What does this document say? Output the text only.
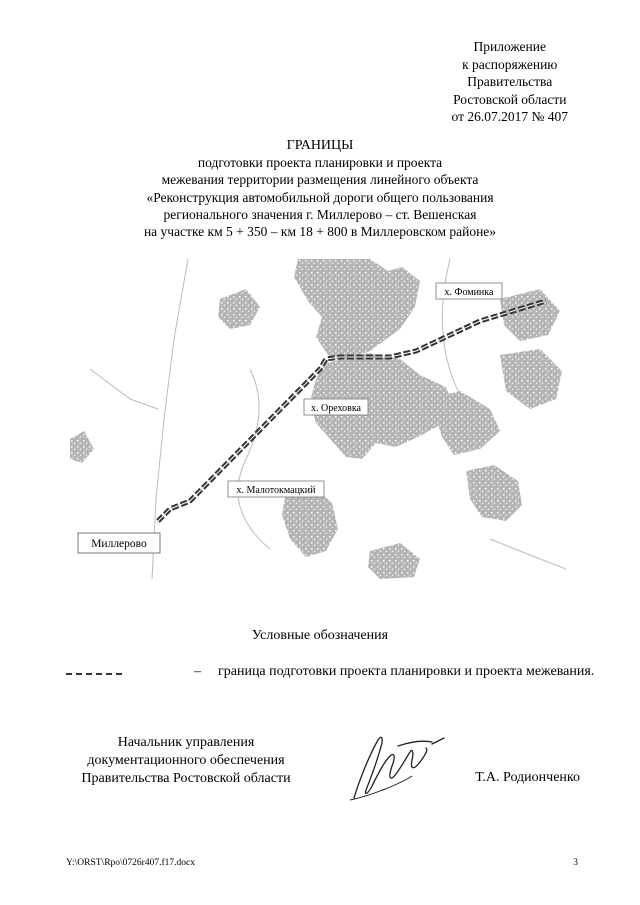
Приложение
к распоряжению
Правительства
Ростовской области
от 26.07.2017 № 407
ГРАНИЦЫ
подготовки проекта планировки и проекта
межевания территории размещения линейного объекта
«Реконструкция автомобильной дороги общего пользования
регионального значения г. Миллерово – ст. Вешенская
на участке км 5 + 350 – км 18 + 800 в Миллеровском районе»
х. Фоминка
х. Ореховка
х. Малотокмацкий
Миллерово
Условные обозначения
– граница подготовки проекта планировки и проекта межевания.
Начальник управления
документационного обеспечения
Правительства Ростовской области	Т.А. Родионченко
Y:\ORST\Rpo\0726r407.f17.docx	3
